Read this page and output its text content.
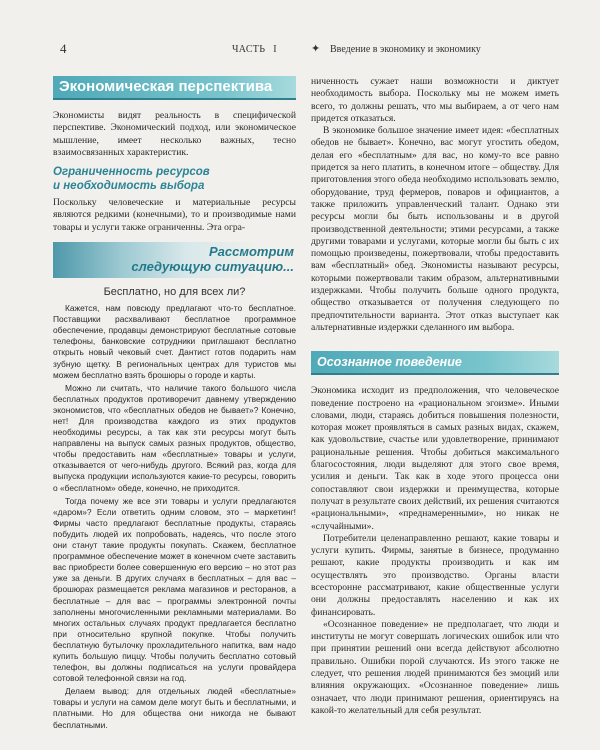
4	ЧАСТЬ I	✦ Введение в экономику и экономику
Экономическая перспектива

Экономисты видят реальность в специфической перспективе. Экономический подход, или экономическое мышление, имеет несколько важных, тесно взаимосвязанных характеристик.

Ограниченность ресурсов
и необходимость выбора

Поскольку человеческие и материальные ресурсы являются редкими (конечными), то и производимые нами товары и услуги также ограниченны. Эта огра-

Рассмотрим
следующую ситуацию...
Бесплатно, но для всех ли?

Кажется, нам повсюду предлагают что-то бесплатное. Поставщики расхваливают бесплатное программное обеспечение, продавцы демонстрируют бесплатные сотовые телефоны, банковские сотрудники приглашают бесплатно открыть новый чековый счет. Дантист готов подарить нам зубную щетку. В региональных центрах для туристов мы можем бесплатно взять брошюры о городе и карты.

Можно ли считать, что наличие такого большого числа бесплатных продуктов противоречит давнему утверждению экономистов, что «бесплатных обедов не бывает»? Конечно, нет! Для производства каждого из этих продуктов необходимы ресурсы, а так как эти ресурсы могут быть направлены на выпуск самых разных продуктов, общество, чтобы предоставить нам «бесплатные» товары и услуги, отказывается от чего-нибудь другого. Всякий раз, когда для выпуска продукции используются какие-то ресурсы, говорить о «бесплатном» обеде, конечно, не приходится.

Тогда почему же все эти товары и услуги предлагаются «даром»? Если ответить одним словом, это – маркетинг! Фирмы часто предлагают бесплатные продукты, стараясь побудить людей их попробовать, надеясь, что после этого они станут такие продукты покупать. Скажем, бесплатное программное обеспечение может в конечном счете заставить вас приобрести более совершенную его версию – но этот раз уже за деньги. В других случаях в бесплатных – для вас – брошюрах размещается реклама магазинов и ресторанов, а бесплатные – для вас – программы электронной почты заполнены многочисленными рекламными материалами. Во многих остальных случаях продукт предлагается бесплатно при относительно крупной покупке. Чтобы получить бесплатную бутылочку прохладительного напитка, вам надо купить большую пиццу. Чтобы получить бесплатно сотовый телефон, вы должны подписаться на услуги провайдера сотовой телефонной связи на год.

Делаем вывод: для отдельных людей «бесплатные» товары и услуги на самом деле могут быть и бесплатными, и платными. Но для общества они никогда не бывают бесплатными.

ниченность сужает наши возможности и диктует необходимость выбора. Поскольку мы не можем иметь всего, то должны решать, что мы выбираем, а от чего нам придется отказаться.

В экономике большое значение имеет идея: «бесплатных обедов не бывает». Конечно, вас могут угостить обедом, делая его «бесплатным» для вас, но кому-то все равно придется за него платить, в конечном итоге – обществу. Для приготовления этого обеда необходимо использовать землю, оборудование, труд фермеров, поваров и официантов, а также приложить управленческий талант. Однако эти ресурсы могли бы быть использованы и в другой производственной деятельности; этими ресурсами, а также другими товарами и услугами, которые могли бы быть с их помощью произведены, пожертвовали, чтобы предоставить вам «бесплатный» обед. Экономисты называют ресурсы, которыми пожертвовали таким образом, альтернативными издержками. Чтобы получить больше одного продукта, общество отказывается от получения следующего по предпочтительности варианта. Этот отказ выступает как альтернативные издержки сделанного им выбора.

Осознанное поведение

Экономика исходит из предположения, что человеческое поведение построено на «рациональном эгоизме». Иными словами, люди, стараясь добиться повышения полезности, которая может проявляться в самых разных видах, скажем, как удовольствие, счастье или удовлетворение, принимают рациональные решения. Чтобы добиться максимального благосостояния, люди выделяют для этого свое время, усилия и деньги. Так как в ходе этого процесса они сопоставляют свои издержки и преимущества, которые получат в результате своих действий, их решения считаются «рациональными», «преднамеренными», но никак не «случайными».

Потребители целенаправленно решают, какие товары и услуги купить. Фирмы, занятые в бизнесе, продуманно решают, какие продукты производить и как им осуществлять это производство. Органы власти всесторонне рассматривают, какие общественные услуги они должны предоставлять населению и как их финансировать.

«Осознанное поведение» не предполагает, что люди и институты не могут совершать логических ошибок или что при принятии решений они всегда действуют абсолютно правильно. Ошибки порой случаются. Из этого также не следует, что решения людей принимаются без эмоций или влияния окружающих. «Осознанное поведение» лишь означает, что люди принимают решения, ориентируясь на какой-то желательный для себя результат.
